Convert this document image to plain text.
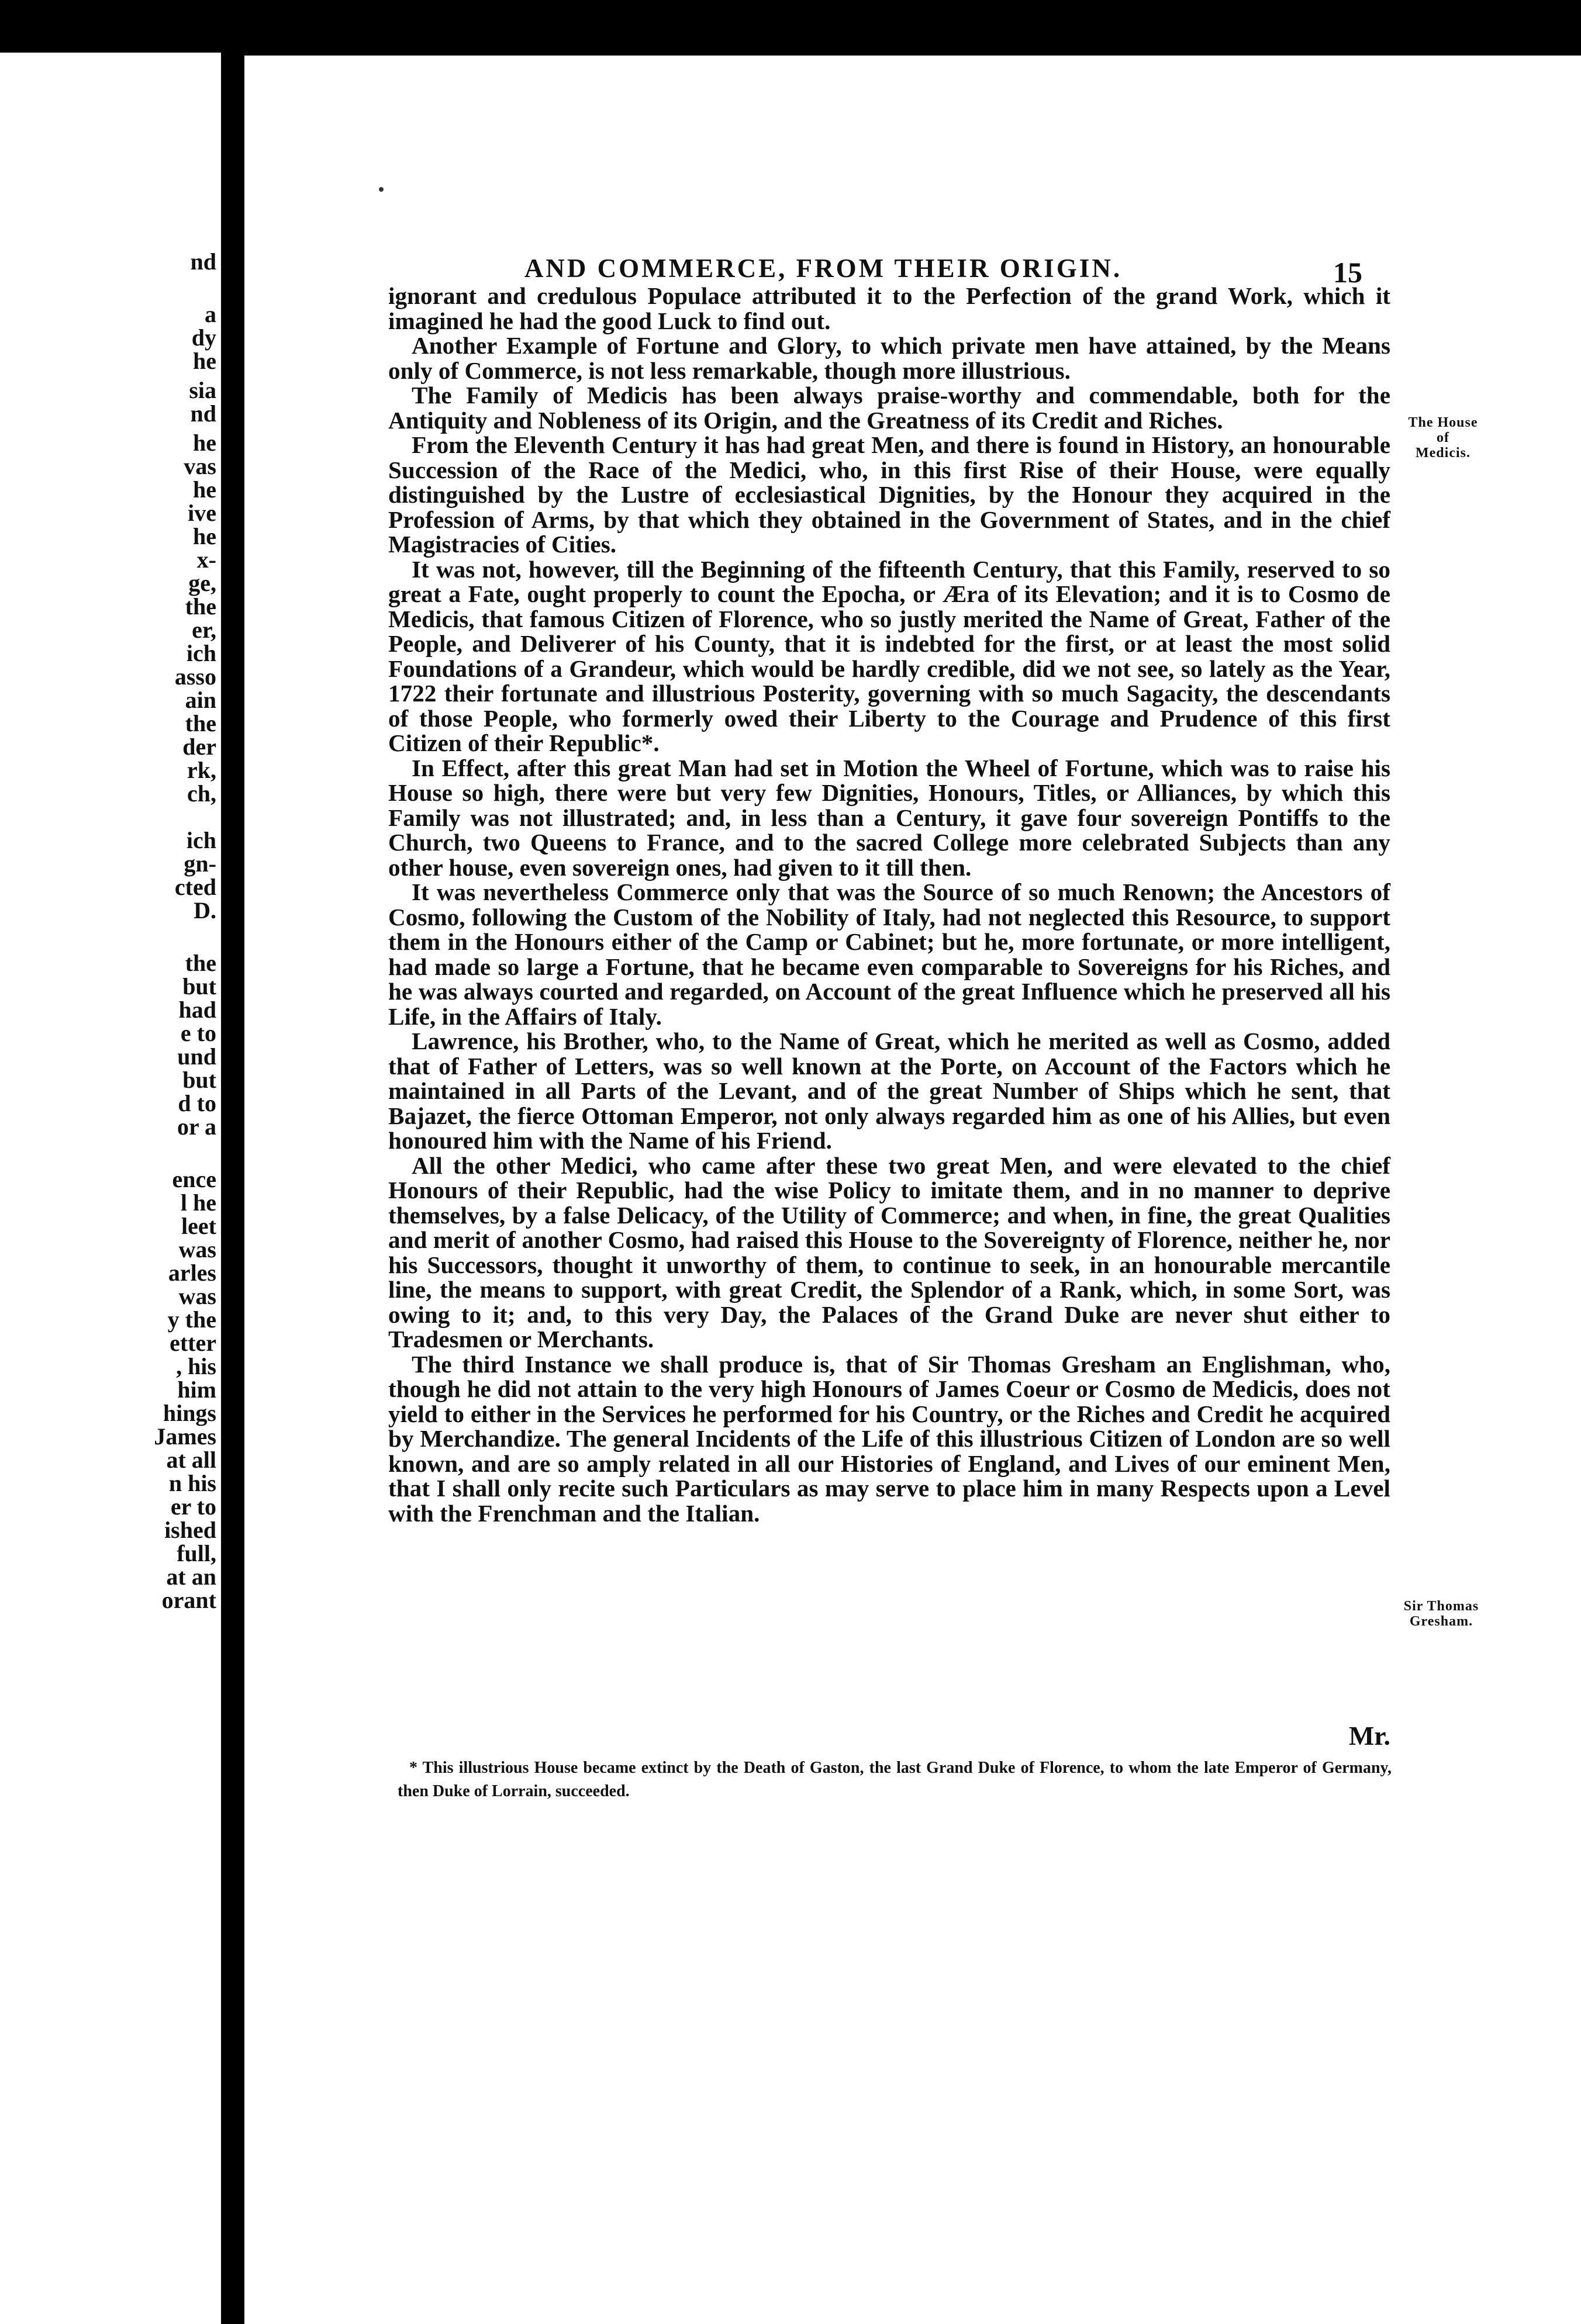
nd
a
dy
he
sia
nd
he
vas
he
ive
he
x-
ge,
the
er,
ich
asso
ain
the
der
rk,
ch,
ich
gn-
cted
D.
the
but
had
e to
und
but
d to
or a
ence
l he
leet
was
arles
was
y the
etter
, his
him
hings
James
at all
n his
er to
ished
full,
at an
orant
AND COMMERCE, FROM THEIR ORIGIN.	15

ignorant and credulous Populace attributed it to the Perfection of the grand Work, which it imagined he had the good Luck to find out.

Another Example of Fortune and Glory, to which private men have attained, by the Means only of Commerce, is not less remarkable, though more illustrious.

The Family of Medicis has been always praise-worthy and commendable, both for the Antiquity and Nobleness of its Origin, and the Greatness of its Credit and Riches.

From the Eleventh Century it has had great Men, and there is found in History, an honourable Succession of the Race of the Medici, who, in this first Rise of their House, were equally distinguished by the Lustre of ecclesiastical Dignities, by the Honour they acquired in the Profession of Arms, by that which they obtained in the Government of States, and in the chief Magistracies of Cities.

It was not, however, till the Beginning of the fifteenth Century, that this Family, reserved to so great a Fate, ought properly to count the Epocha, or Æra of its Elevation; and it is to Cosmo de Medicis, that famous Citizen of Florence, who so justly merited the Name of Great, Father of the People, and Deliverer of his County, that it is indebted for the first, or at least the most solid Foundations of a Grandeur, which would be hardly credible, did we not see, so lately as the Year, 1722 their fortunate and illustrious Posterity, governing with so much Sagacity, the descendants of those People, who formerly owed their Liberty to the Courage and Prudence of this first Citizen of their Republic*.

In Effect, after this great Man had set in Motion the Wheel of Fortune, which was to raise his House so high, there were but very few Dignities, Honours, Titles, or Alliances, by which this Family was not illustrated; and, in less than a Century, it gave four sovereign Pontiffs to the Church, two Queens to France, and to the sacred College more celebrated Subjects than any other house, even sovereign ones, had given to it till then.

It was nevertheless Commerce only that was the Source of so much Renown; the Ancestors of Cosmo, following the Custom of the Nobility of Italy, had not neglected this Resource, to support them in the Honours either of the Camp or Cabinet; but he, more fortunate, or more intelligent, had made so large a Fortune, that he became even comparable to Sovereigns for his Riches, and he was always courted and regarded, on Account of the great Influence which he preserved all his Life, in the Affairs of Italy.

Lawrence, his Brother, who, to the Name of Great, which he merited as well as Cosmo, added that of Father of Letters, was so well known at the Porte, on Account of the Factors which he maintained in all Parts of the Levant, and of the great Number of Ships which he sent, that Bajazet, the fierce Ottoman Emperor, not only always regarded him as one of his Allies, but even honoured him with the Name of his Friend.

All the other Medici, who came after these two great Men, and were elevated to the chief Honours of their Republic, had the wise Policy to imitate them, and in no manner to deprive themselves, by a false Delicacy, of the Utility of Commerce; and when, in fine, the great Qualities and merit of another Cosmo, had raised this House to the Sovereignty of Florence, neither he, nor his Successors, thought it unworthy of them, to continue to seek, in an honourable mercantile line, the means to support, with great Credit, the Splendor of a Rank, which, in some Sort, was owing to it; and, to this very Day, the Palaces of the Grand Duke are never shut either to Tradesmen or Merchants.

The third Instance we shall produce is, that of Sir Thomas Gresham an Englishman, who, though he did not attain to the very high Honours of James Coeur or Cosmo de Medicis, does not yield to either in the Services he performed for his Country, or the Riches and Credit he acquired by Merchandize. The general Incidents of the Life of this illustrious Citizen of London are so well known, and are so amply related in all our Histories of England, and Lives of our eminent Men, that I shall only recite such Particulars as may serve to place him in many Respects upon a Level with the Frenchman and the Italian.

The House
of
Medicis.
Sir Thomas
Gresham.
Mr.
* This illustrious House became extinct by the Death of Gaston, the last Grand Duke of Florence, to whom the late Emperor of Germany, then Duke of Lorrain, succeeded.
